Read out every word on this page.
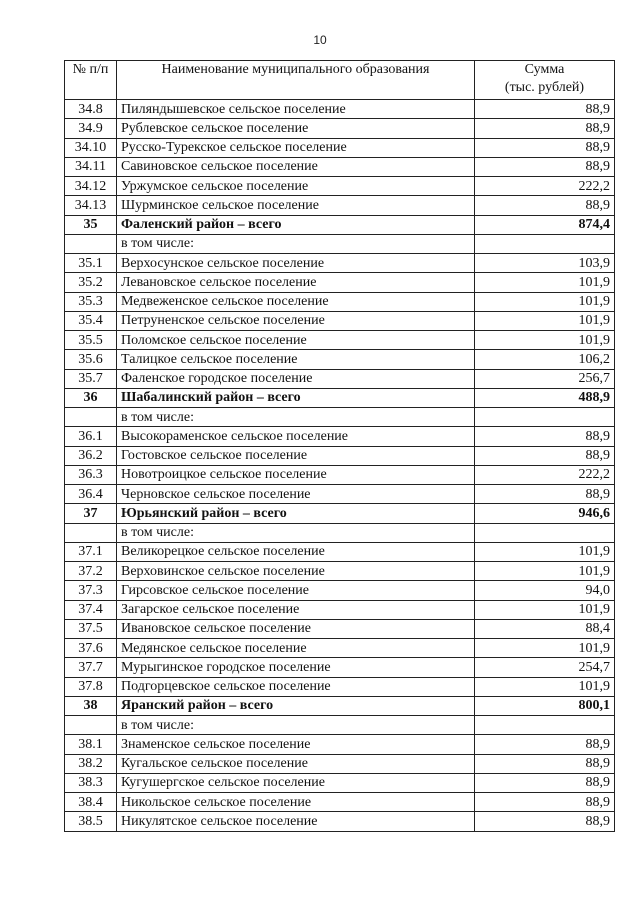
10
№ п/п	Наименование муниципального образования	Сумма
(тыс. рублей)

34.8	Пиляндышевское сельское поселение	88,9
34.9	Рублевское сельское поселение	88,9
34.10	Русско-Турекское сельское поселение	88,9
34.11	Савиновское сельское поселение	88,9
34.12	Уржумское сельское поселение	222,2
34.13	Шурминское сельское поселение	88,9
35	Фаленский район – всего	874,4
	в том числе:	
35.1	Верхосунское сельское поселение	103,9
35.2	Левановское сельское поселение	101,9
35.3	Медвеженское сельское поселение	101,9
35.4	Петруненское сельское поселение	101,9
35.5	Поломское сельское поселение	101,9
35.6	Талицкое сельское поселение	106,2
35.7	Фаленское городское поселение	256,7
36	Шабалинский район – всего	488,9
	в том числе:	
36.1	Высокораменское сельское поселение	88,9
36.2	Гостовское сельское поселение	88,9
36.3	Новотроицкое сельское поселение	222,2
36.4	Черновское сельское поселение	88,9
37	Юрьянский район – всего	946,6
	в том числе:	
37.1	Великорецкое сельское поселение	101,9
37.2	Верховинское сельское поселение	101,9
37.3	Гирсовское сельское поселение	94,0
37.4	Загарское сельское поселение	101,9
37.5	Ивановское сельское поселение	88,4
37.6	Медянское сельское поселение	101,9
37.7	Мурыгинское городское поселение	254,7
37.8	Подгорцевское сельское поселение	101,9
38	Яранский район – всего	800,1
	в том числе:	
38.1	Знаменское сельское поселение	88,9
38.2	Кугальское сельское поселение	88,9
38.3	Кугушергское сельское поселение	88,9
38.4	Никольское сельское поселение	88,9
38.5	Никулятское сельское поселение	88,9
